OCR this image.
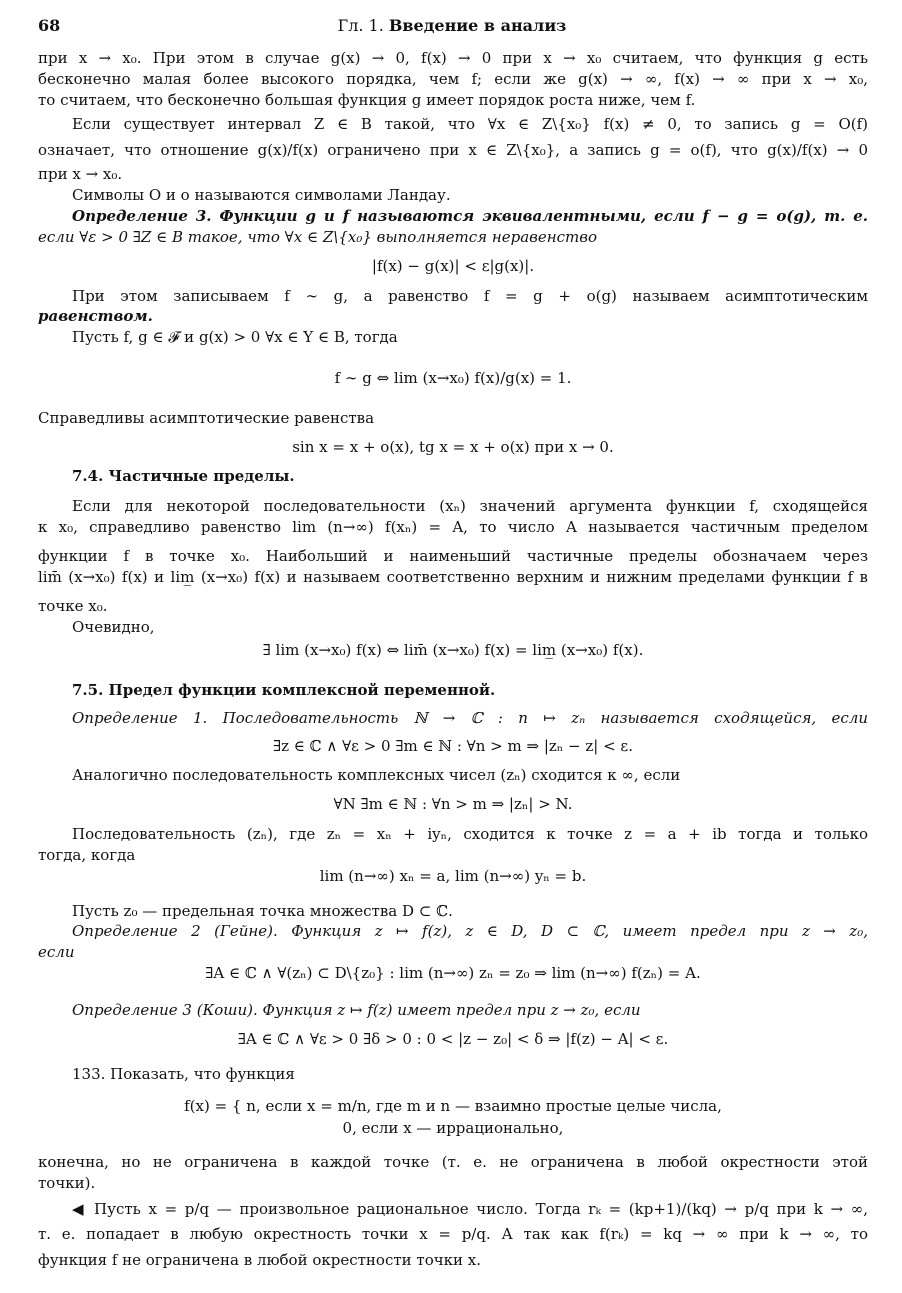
68	Гл. 1. Введение в анализ
при x → x₀. При этом в случае g(x) → 0, f(x) → 0 при x → x₀ считаем, что функция g есть
бесконечно малая более высокого порядка, чем f; если же g(x) → ∞, f(x) → ∞ при x → x₀,
то считаем, что бесконечно большая функция g имеет порядок роста ниже, чем f.
Если существует интервал Z ∈ B такой, что ∀x ∈ Z\{x₀} f(x) ≠ 0, то запись g = O(f)
означает, что отношение g(x)/f(x) ограничено при x ∈ Z\{x₀}, а запись g = o(f), что g(x)/f(x) → 0
при x → x₀.
Символы O и o называются символами Ландау.
Определение 3. Функции g и f называются эквивалентными, если f − g = o(g), т. е.
если ∀ε > 0 ∃Z ∈ B такое, что ∀x ∈ Z\{x₀} выполняется неравенство
|f(x) − g(x)| < ε|g(x)|.
При этом записываем f ∼ g, а равенство f = g + o(g) называем асимптотическим
равенством.
Пусть f, g ∈ 𝓕 и g(x) > 0 ∀x ∈ Y ∈ B, тогда
f ∼ g ⇔ lim (x→x₀) f(x)/g(x) = 1.
Справедливы асимптотические равенства
sin x = x + o(x), tg x = x + o(x) при x → 0.
7.4. Частичные пределы.
Если для некоторой последовательности (xₙ) значений аргумента функции f, сходящейся
к x₀, справедливо равенство lim (n→∞) f(xₙ) = A, то число A называется частичным пределом
функции f в точке x₀. Наибольший и наименьший частичные пределы обозначаем через
lim̄ (x→x₀) f(x) и lim̲ (x→x₀) f(x) и называем соответственно верхним и нижним пределами функции f в
точке x₀.
Очевидно,
∃ lim (x→x₀) f(x) ⇔ lim̄ (x→x₀) f(x) = lim̲ (x→x₀) f(x).
7.5. Предел функции комплексной переменной.
Определение 1. Последовательность ℕ → ℂ : n ↦ zₙ называется сходящейся, если
∃z ∈ ℂ ∧ ∀ε > 0 ∃m ∈ ℕ : ∀n > m ⇒ |zₙ − z| < ε.
Аналогично последовательность комплексных чисел (zₙ) сходится к ∞, если
∀N ∃m ∈ ℕ : ∀n > m ⇒ |zₙ| > N.
Последовательность (zₙ), где zₙ = xₙ + iyₙ, сходится к точке z = a + ib тогда и только
тогда, когда
lim (n→∞) xₙ = a, lim (n→∞) yₙ = b.
Пусть z₀ — предельная точка множества D ⊂ ℂ.
Определение 2 (Гейне). Функция z ↦ f(z), z ∈ D, D ⊂ ℂ, имеет предел при z → z₀,
если
∃A ∈ ℂ ∧ ∀(zₙ) ⊂ D\{z₀} : lim (n→∞) zₙ = z₀ ⇒ lim (n→∞) f(zₙ) = A.
Определение 3 (Коши). Функция z ↦ f(z) имеет предел при z → z₀, если
∃A ∈ ℂ ∧ ∀ε > 0 ∃δ > 0 : 0 < |z − z₀| < δ ⇒ |f(z) − A| < ε.
133. Показать, что функция
f(x) = { n, если x = m/n, где m и n — взаимно простые целые числа,
0, если x — иррационально,
конечна, но не ограничена в каждой точке (т. е. не ограничена в любой окрестности этой
точки).
◀ Пусть x = p/q — произвольное рациональное число. Тогда rₖ = (kp+1)/(kq) → p/q при k → ∞,
т. е. попадает в любую окрестность точки x = p/q. А так как f(rₖ) = kq → ∞ при k → ∞, то
функция f не ограничена в любой окрестности точки x.
